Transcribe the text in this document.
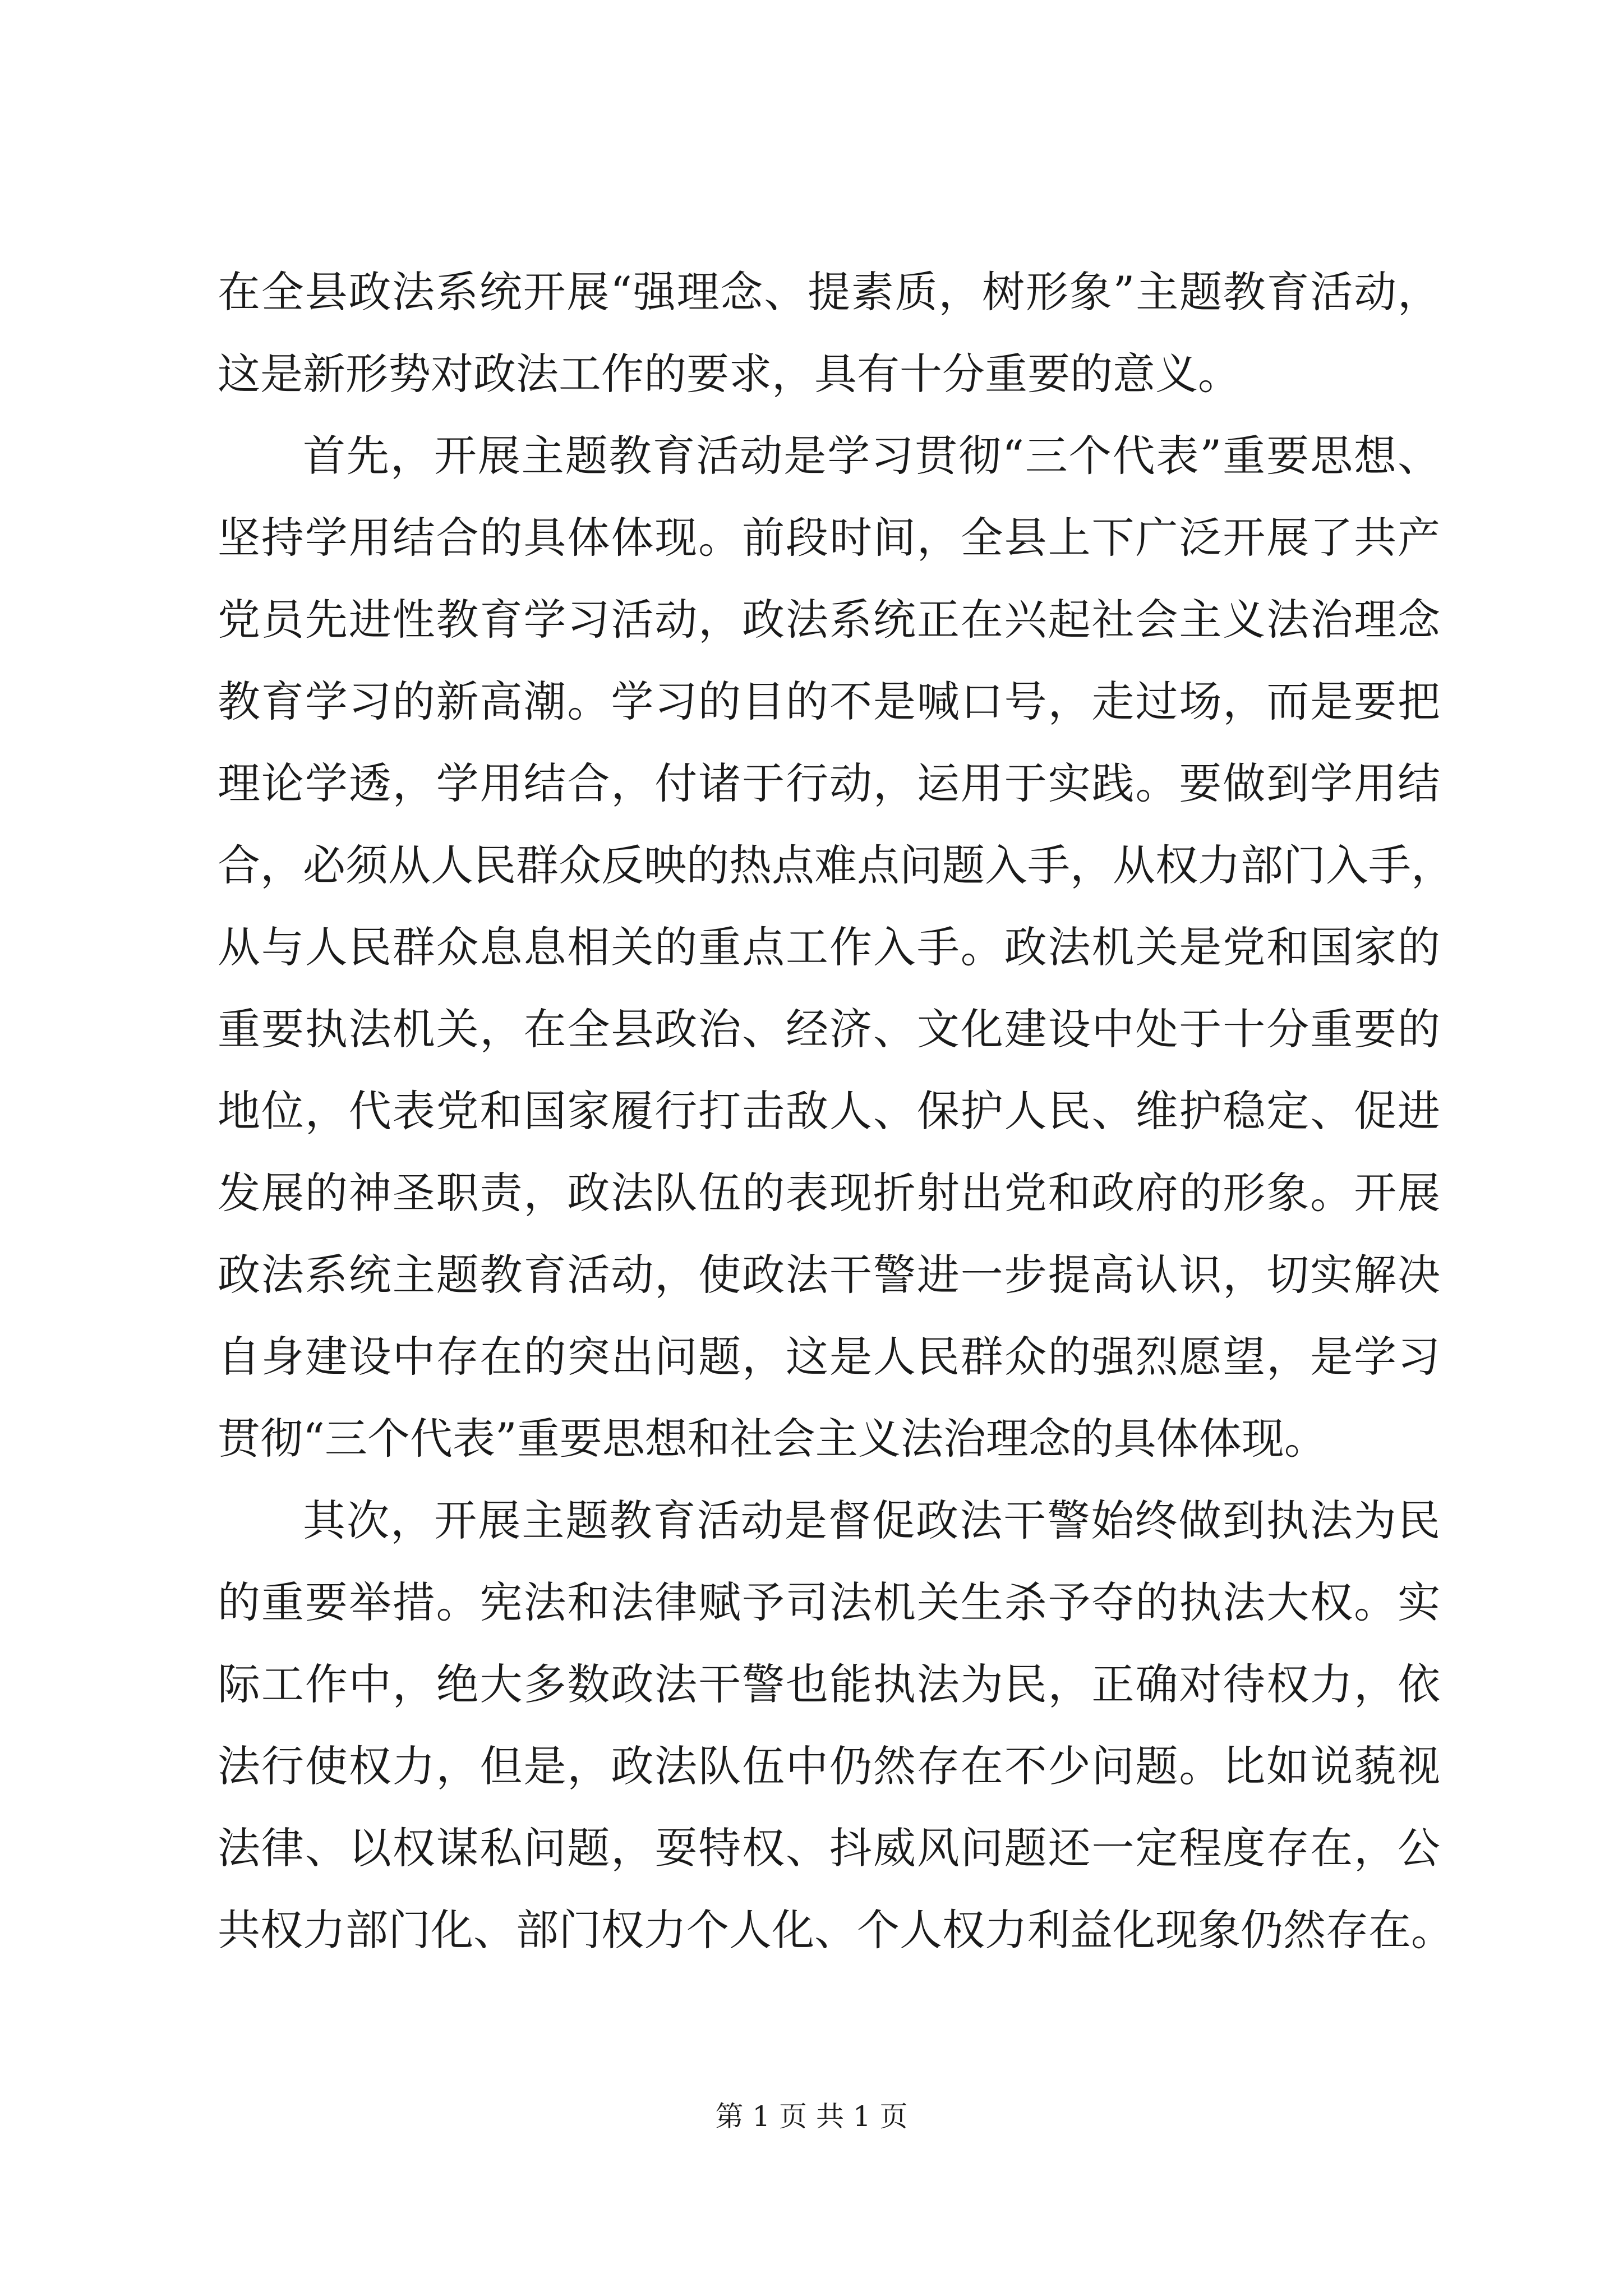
在全县政法系统开展“强理念、提素质，树形象”主题教育活动，
这是新形势对政法工作的要求，具有十分重要的意义。

首先，开展主题教育活动是学习贯彻“三个代表”重要思想、
坚持学用结合的具体体现。前段时间，全县上下广泛开展了共产
党员先进性教育学习活动，政法系统正在兴起社会主义法治理念
教育学习的新高潮。学习的目的不是喊口号，走过场，而是要把
理论学透，学用结合，付诸于行动，运用于实践。要做到学用结
合，必须从人民群众反映的热点难点问题入手，从权力部门入手，
从与人民群众息息相关的重点工作入手。政法机关是党和国家的
重要执法机关，在全县政治、经济、文化建设中处于十分重要的
地位，代表党和国家履行打击敌人、保护人民、维护稳定、促进
发展的神圣职责，政法队伍的表现折射出党和政府的形象。开展
政法系统主题教育活动，使政法干警进一步提高认识，切实解决
自身建设中存在的突出问题，这是人民群众的强烈愿望，是学习
贯彻“三个代表”重要思想和社会主义法治理念的具体体现。

其次，开展主题教育活动是督促政法干警始终做到执法为民
的重要举措。宪法和法律赋予司法机关生杀予夺的执法大权。实
际工作中，绝大多数政法干警也能执法为民，正确对待权力，依
法行使权力，但是，政法队伍中仍然存在不少问题。比如说藐视
法律、以权谋私问题，耍特权、抖威风问题还一定程度存在，公
共权力部门化、部门权力个人化、个人权力利益化现象仍然存在。

第 1 页 共 1 页
